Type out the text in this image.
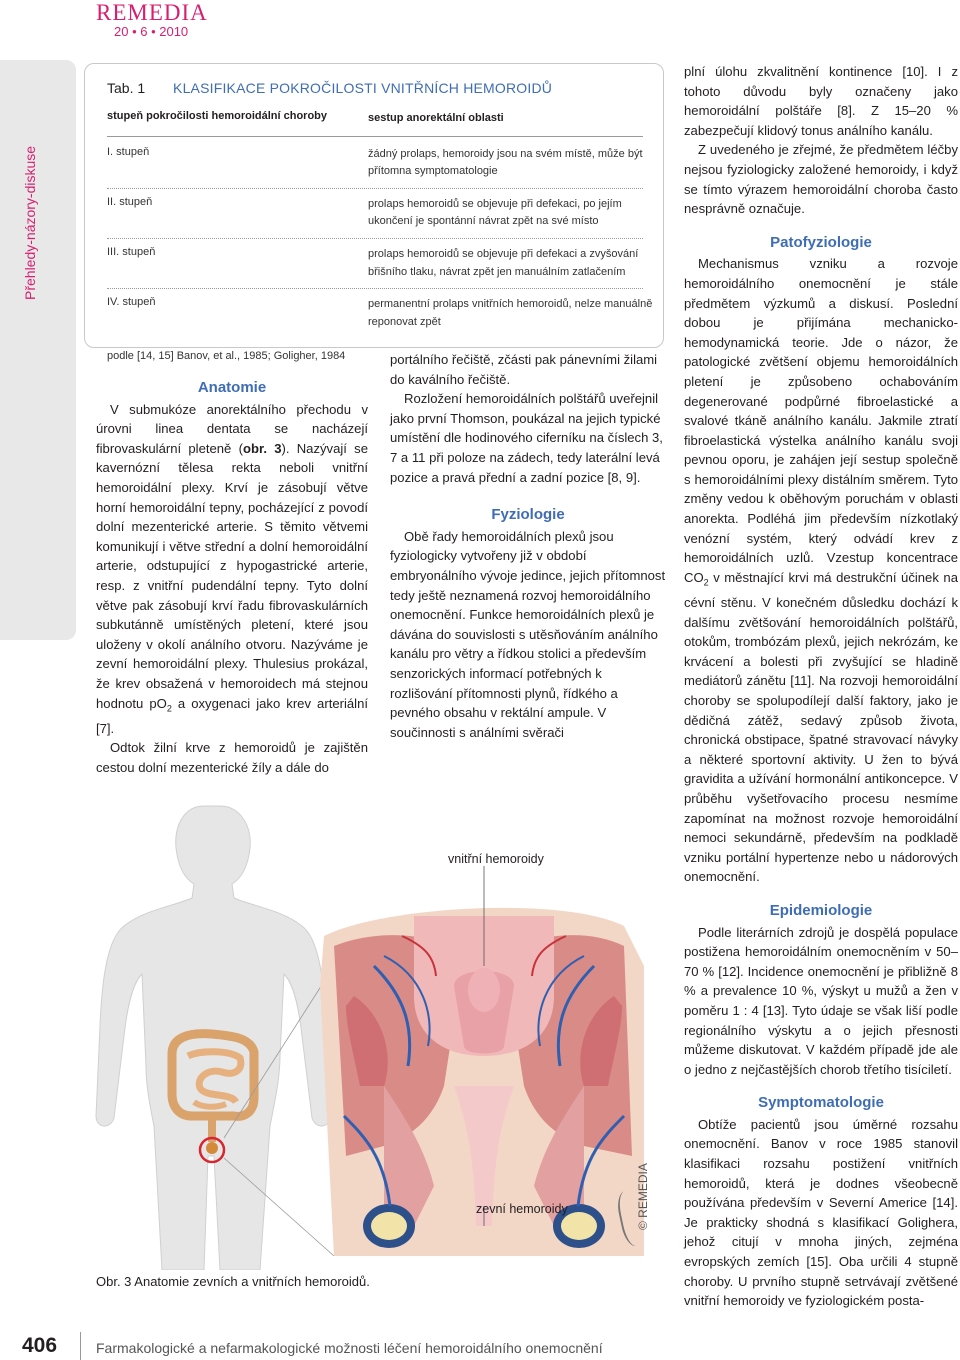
REMEDIA
20 • 6 • 2010
Přehledy-názory-diskuse
Tab. 1 KLASIFIKACE POKROČILOSTI VNITŘNÍCH HEMOROIDŮ
stupeň pokročilosti hemoroidální choroby	sestup anorektální oblasti
I. stupeň	žádný prolaps, hemoroidy jsou na svém místě, může být přítomna symptomatologie
II. stupeň	prolaps hemoroidů se objevuje při defekaci, po jejím ukončení je spontánní návrat zpět na své místo
III. stupeň	prolaps hemoroidů se objevuje při defekaci a zvyšování břišního tlaku, návrat zpět jen manuálním zatlačením
IV. stupeň	permanentní prolaps vnitřních hemoroidů, nelze manuálně reponovat zpět
podle [14, 15] Banov, et al., 1985; Goligher, 1984
Anatomie

V submukóze anorektálního přechodu v úrovni linea dentata se nacházejí fibrovaskulární pleteně (obr. 3). Nazývají se kavernózní tělesa rekta neboli vnitřní hemoroidální plexy. Krví je zásobují větve horní hemoroidální tepny, pocházející z povodí dolní mezenterické arterie. S těmito větvemi komunikují i větve střední a dolní hemoroidální arterie, odstupující z hypogastrické arterie, resp. z vnitřní pudendální tepny. Tyto dolní větve pak zásobují krví řadu fibrovaskulárních subkutánně umístěných pletení, které jsou uloženy v okolí análního otvoru. Nazýváme je zevní hemoroidální plexy. Thulesius prokázal, že krev obsažená v hemoroidech má stejnou hodnotu $pO_2$ a oxygenaci jako krev arteriální [7].

Odtok žilní krve z hemoroidů je zajištěn cestou dolní mezenterické žíly a dále do

portálního řečiště, zčásti pak pánevními žilami do kaválního řečiště.

Rozložení hemoroidálních polštářů uveřejnil jako první Thomson, poukázal na jejich typické umístění dle hodinového ciferníku na číslech 3, 7 a 11 při poloze na zádech, tedy laterální levá pozice a pravá přední a zadní pozice [8, 9].

Fyziologie

Obě řady hemoroidálních plexů jsou fyziologicky vytvořeny již v období embryonálního vývoje jedince, jejich přítomnost tedy ještě neznamená rozvoj hemoroidálního onemocnění. Funkce hemoroidálních plexů je dávána do souvislosti s utěsňováním análního kanálu pro větry a řídkou stolici a především senzorických informací potřebných k rozlišování přítomnosti plynů, řídkého a pevného obsahu v rektální ampule. V součinnosti s análními svěrači

plní úlohu zkvalitnění kontinence [10]. I z tohoto důvodu byly označeny jako hemoroidální polštáře [8]. Z 15–20 % zabezpečují klidový tonus análního kanálu.

Z uvedeného je zřejmé, že předmětem léčby nejsou fyziologicky založené hemoroidy, i když se tímto výrazem hemoroidální choroba často nesprávně označuje.

Patofyziologie

Mechanismus vzniku a rozvoje hemoroidálního onemocnění je stále předmětem výzkumů a diskusí. Poslední dobou je přijímána mechanicko-hemodynamická teorie. Jde o názor, že patologické zvětšení objemu hemoroidálních pletení je způsobeno ochabováním degenerované podpůrné fibroelastické a svalové tkáně análního kanálu. Jakmile ztratí fibroelastická výstelka análního kanálu svoji pevnou oporu, je zahájen její sestup společně s hemoroidálními plexy distálním směrem. Tyto změny vedou k oběhovým poruchám v oblasti anorekta. Podléhá jim především nízkotlaký venózní systém, který odvádí krev z hemoroidálních uzlů. Vzestup koncentrace $CO_2$ v městnající krvi má destrukční účinek na cévní stěnu. V konečném důsledku dochází k dalšímu zvětšování hemoroidálních polštářů, otokům, trombózám plexů, jejich nekrózám, ke krvácení a bolesti při zvyšující se hladině mediátorů zánětu [11]. Na rozvoji hemoroidální choroby se spolupodílejí další faktory, jako je dědičná zátěž, sedavý způsob života, chronická obstipace, špatné stravovací návyky a některé sportovní aktivity. U žen to bývá gravidita a užívání hormonální antikoncepce. V průběhu vyšetřovacího procesu nesmíme zapomínat na možnost rozvoje hemoroidální nemoci sekundárně, především na podkladě vzniku portální hypertenze nebo u nádorových onemocnění.

Epidemiologie

Podle literárních zdrojů je dospělá populace postižena hemoroidálním onemocněním v 50–70 % [12]. Incidence onemocnění je přibližně 8 % a prevalence 10 %, výskyt u mužů a žen v poměru 1 : 4 [13]. Tyto údaje se však liší podle regionálního výskytu a o jejich přesnosti můžeme diskutovat. V každém případě jde ale o jedno z nejčastějších chorob třetího tisíciletí.

Symptomatologie

Obtíže pacientů jsou úměrné rozsahu onemocnění. Banov v roce 1985 stanovil klasifikaci rozsahu postižení vnitřních hemoroidů, která je dodnes všeobecně používána především v Severní Americe [14]. Je prakticky shodná s klasifikací Golighera, jehož citují v mnoha jiných, zejména evropských zemích [15]. Oba určili 4 stupně choroby. U prvního stupně setrvávají zvětšené vnitřní hemoroidy ve fyziologickém posta-

vnitřní hemoroidy
zevní hemoroidy	© REMEDIA
Obr. 3 Anatomie zevních a vnitřních hemoroidů.
406	Farmakologické a nefarmakologické možnosti léčení hemoroidálního onemocnění
